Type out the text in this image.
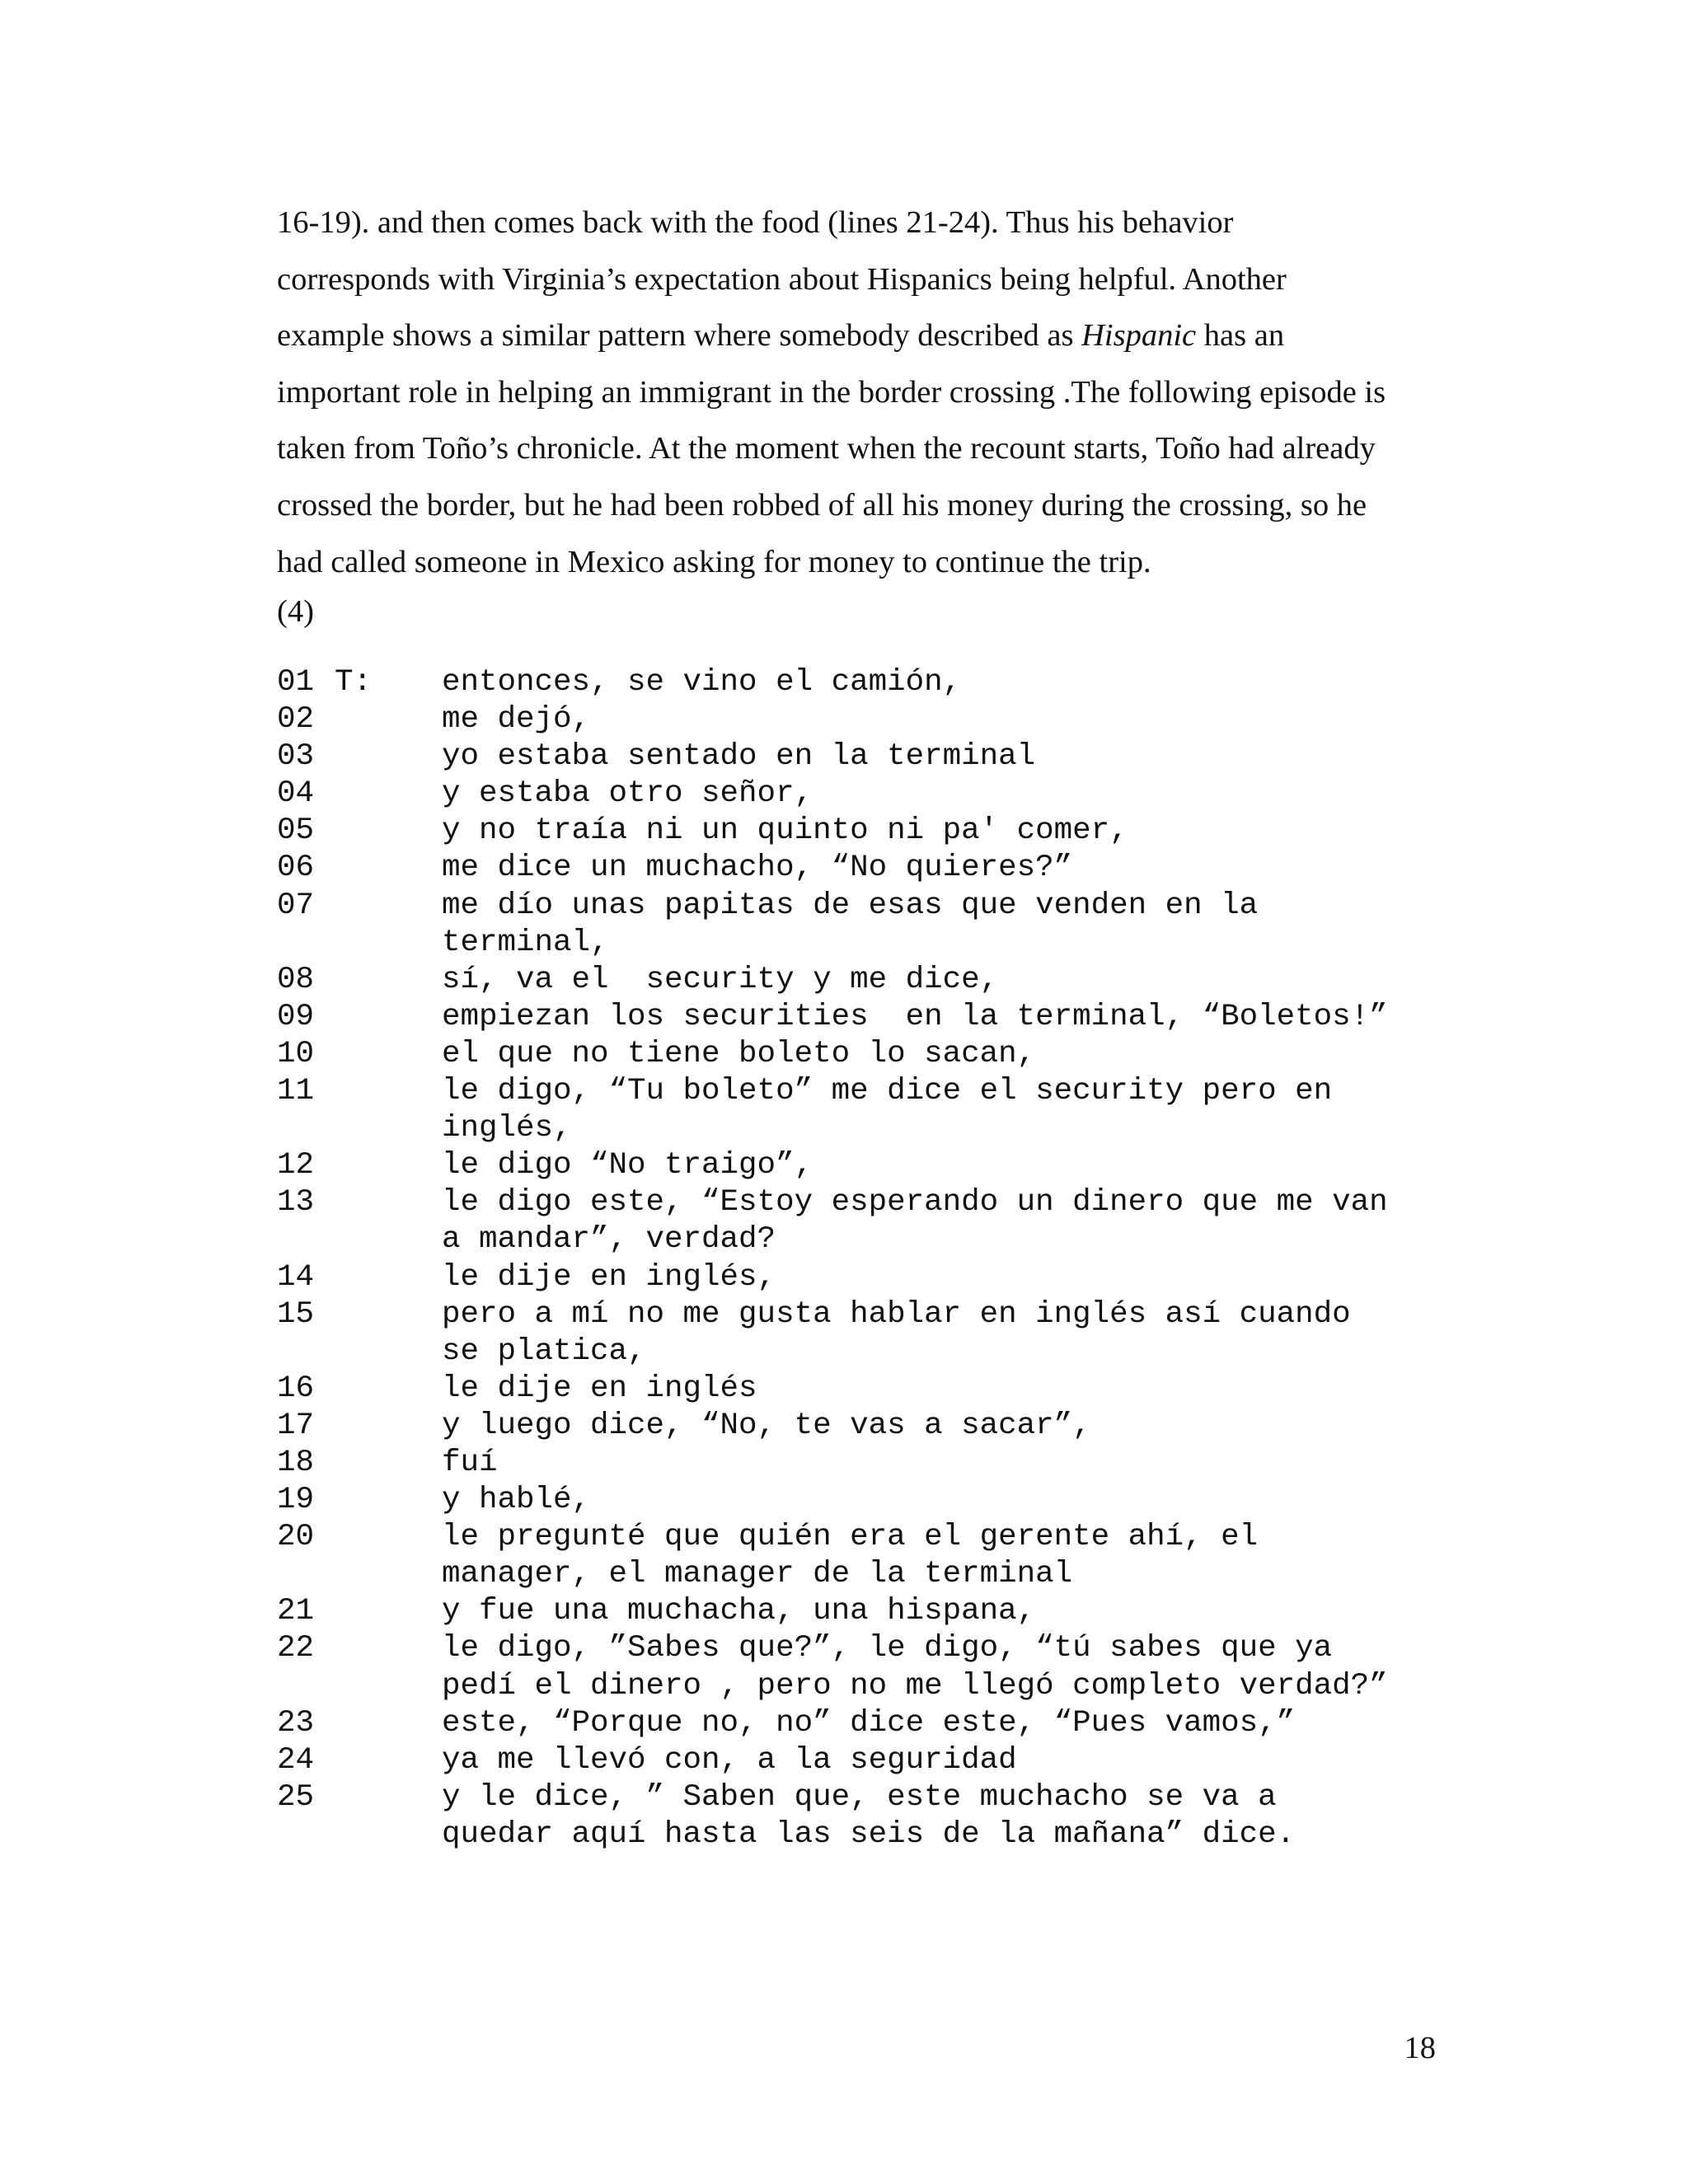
16-19). and then comes back with the food (lines 21-24). Thus his behavior
corresponds with Virginia’s expectation about Hispanics being helpful. Another
example shows a similar pattern where somebody described as Hispanic has an
important role in helping an immigrant in the border crossing .The following episode is
taken from Toño’s chronicle. At the moment when the recount starts, Toño had already
crossed the border, but he had been robbed of all his money during the crossing, so he
had called someone in Mexico asking for money to continue the trip.
(4)
01 T: entonces, se vino el camión,
02	me dejó,
03	yo estaba sentado en la terminal
04	y estaba otro señor,
05	y no traía ni un quinto ni pa' comer,
06	me dice un muchacho, “No quieres?”
07	me dío unas papitas de esas que venden en la
terminal,
08	sí, va el  security y me dice,
09	empiezan los securities  en la terminal, “Boletos!”
10	el que no tiene boleto lo sacan,
11	le digo, “Tu boleto” me dice el security pero en
inglés,
12	le digo “No traigo”,
13	le digo este, “Estoy esperando un dinero que me van
a mandar”, verdad?
14	le dije en inglés,
15	pero a mí no me gusta hablar en inglés así cuando
se platica,
16	le dije en inglés
17	y luego dice, “No, te vas a sacar”,
18	fuí
19	y hablé,
20	le pregunté que quién era el gerente ahí, el
manager, el manager de la terminal
21	y fue una muchacha, una hispana,
22	le digo, ”Sabes que?”, le digo, “tú sabes que ya
pedí el dinero , pero no me llegó completo verdad?”
23	este, “Porque no, no” dice este, “Pues vamos,”
24	ya me llevó con, a la seguridad
25	y le dice, ” Saben que, este muchacho se va a
quedar aquí hasta las seis de la mañana” dice.
18
